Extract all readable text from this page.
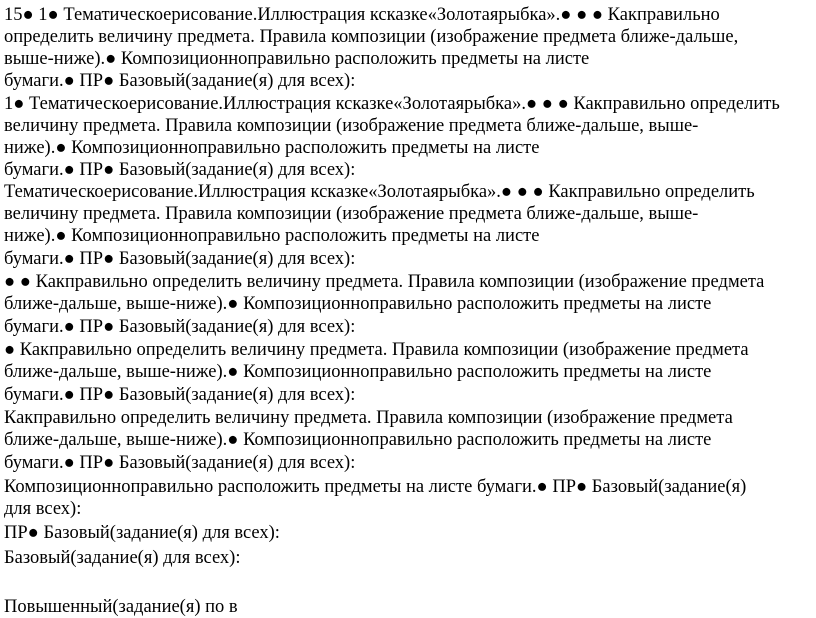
15● 1● Тематическоерисование.Иллюстрация ксказке«Золотаярыбка».● ● ● Какправильно
определить величину предмета. Правила композиции (изображение предмета ближе-дальше,
выше-ниже).● Композиционноправильно расположить предметы на листе
бумаги.● ПР● Базовый(задание(я) для всех):
1● Тематическоерисование.Иллюстрация ксказке«Золотаярыбка».● ● ● Какправильно определить
величину предмета. Правила композиции (изображение предмета ближе-дальше, выше-
ниже).● Композиционноправильно расположить предметы на листе
бумаги.● ПР● Базовый(задание(я) для всех):
Тематическоерисование.Иллюстрация ксказке«Золотаярыбка».● ● ● Какправильно определить
величину предмета. Правила композиции (изображение предмета ближе-дальше, выше-
ниже).● Композиционноправильно расположить предметы на листе
бумаги.● ПР● Базовый(задание(я) для всех):
● ● Какправильно определить величину предмета. Правила композиции (изображение предмета
ближе-дальше, выше-ниже).● Композиционноправильно расположить предметы на листе
бумаги.● ПР● Базовый(задание(я) для всех):
● Какправильно определить величину предмета. Правила композиции (изображение предмета
ближе-дальше, выше-ниже).● Композиционноправильно расположить предметы на листе
бумаги.● ПР● Базовый(задание(я) для всех):
Какправильно определить величину предмета. Правила композиции (изображение предмета
ближе-дальше, выше-ниже).● Композиционноправильно расположить предметы на листе
бумаги.● ПР● Базовый(задание(я) для всех):
Композиционноправильно расположить предметы на листе бумаги.● ПР● Базовый(задание(я)
для всех):
ПР● Базовый(задание(я) для всех):
Базовый(задание(я) для всех):
Повышенный(задание(я) по в
